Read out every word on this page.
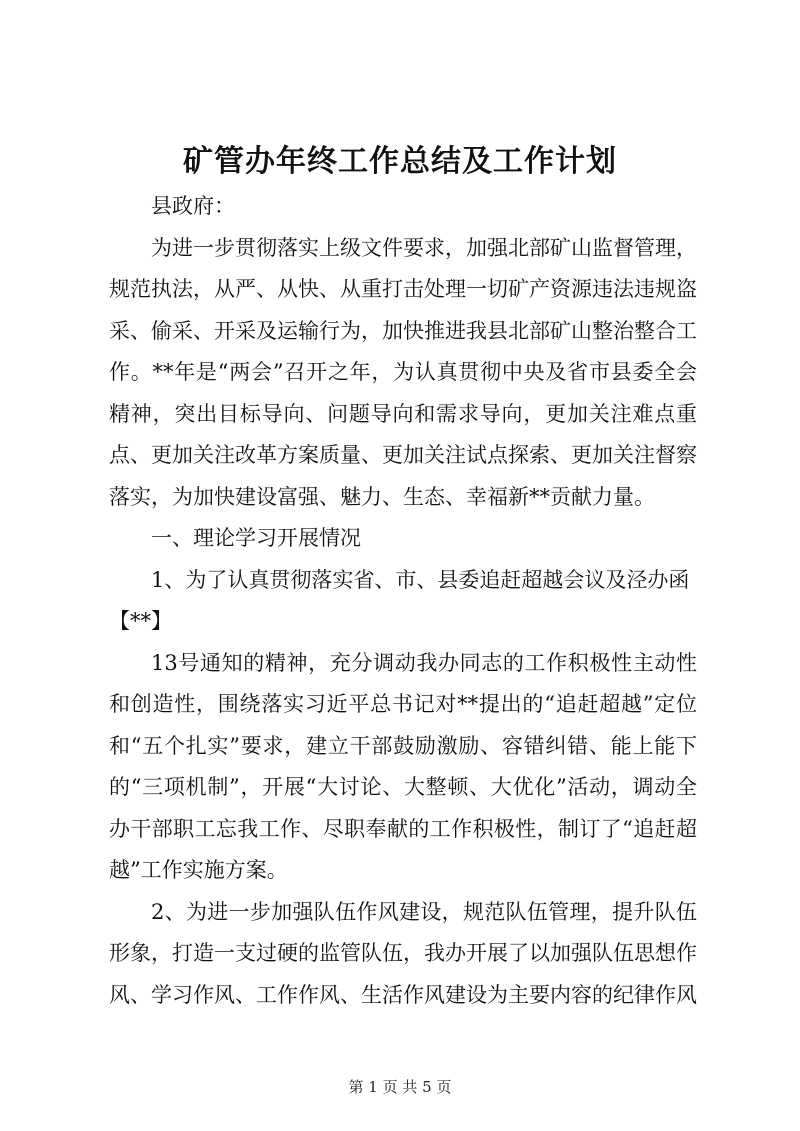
矿管办年终工作总结及工作计划

县政府：

为进一步贯彻落实上级文件要求，加强北部矿山监督管理，规范执法，从严、从快、从重打击处理一切矿产资源违法违规盗采、偷采、开采及运输行为，加快推进我县北部矿山整治整合工作。**年是“两会”召开之年，为认真贯彻中央及省市县委全会精神，突出目标导向、问题导向和需求导向，更加关注难点重点、更加关注改革方案质量、更加关注试点探索、更加关注督察落实，为加快建设富强、魅力、生态、幸福新**贡献力量。

一、理论学习开展情况

1、为了认真贯彻落实省、市、县委追赶超越会议及泾办函

【**】

13号通知的精神，充分调动我办同志的工作积极性主动性和创造性，围绕落实习近平总书记对**提出的“追赶超越”定位和“五个扎实”要求，建立干部鼓励激励、容错纠错、能上能下的“三项机制”，开展“大讨论、大整顿、大优化”活动，调动全办干部职工忘我工作、尽职奉献的工作积极性，制订了“追赶超越”工作实施方案。

2、为进一步加强队伍作风建设，规范队伍管理，提升队伍形象，打造一支过硬的监管队伍，我办开展了以加强队伍思想作风、学习作风、工作作风、生活作风建设为主要内容的纪律作风

第 1 页 共 5 页
